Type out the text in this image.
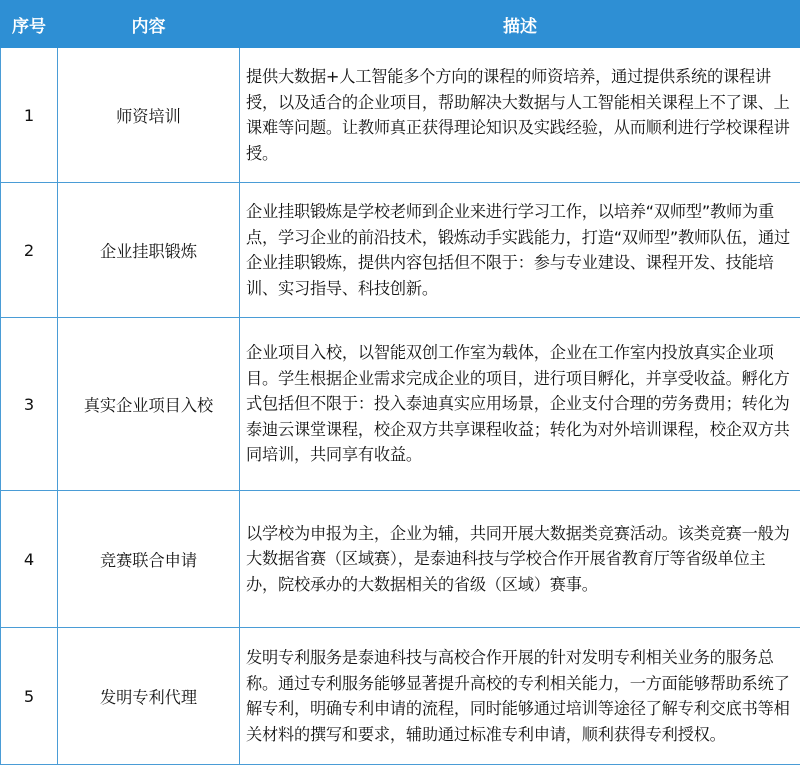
序号	内容	描述
1	师资培训	提供大数据+人工智能多个方向的课程的师资培养，通过提供系统的课程讲授，以及适合的企业项目，帮助解决大数据与人工智能相关课程上不了课、上课难等问题。让教师真正获得理论知识及实践经验，从而顺利进行学校课程讲授。
2	企业挂职锻炼	企业挂职锻炼是学校老师到企业来进行学习工作，以培养“双师型”教师为重点，学习企业的前沿技术，锻炼动手实践能力，打造“双师型”教师队伍，通过企业挂职锻炼，提供内容包括但不限于：参与专业建设、课程开发、技能培训、实习指导、科技创新。
3	真实企业项目入校	企业项目入校，以智能双创工作室为载体，企业在工作室内投放真实企业项目。学生根据企业需求完成企业的项目，进行项目孵化，并享受收益。孵化方式包括但不限于：投入泰迪真实应用场景，企业支付合理的劳务费用；转化为泰迪云课堂课程，校企双方共享课程收益；转化为对外培训课程，校企双方共同培训，共同享有收益。
4	竞赛联合申请	以学校为申报为主，企业为辅，共同开展大数据类竞赛活动。该类竞赛一般为大数据省赛（区域赛），是泰迪科技与学校合作开展省教育厅等省级单位主办，院校承办的大数据相关的省级（区域）赛事。
5	发明专利代理	发明专利服务是泰迪科技与高校合作开展的针对发明专利相关业务的服务总称。通过专利服务能够显著提升高校的专利相关能力，一方面能够帮助系统了解专利，明确专利申请的流程，同时能够通过培训等途径了解专利交底书等相关材料的撰写和要求，辅助通过标准专利申请，顺利获得专利授权。
